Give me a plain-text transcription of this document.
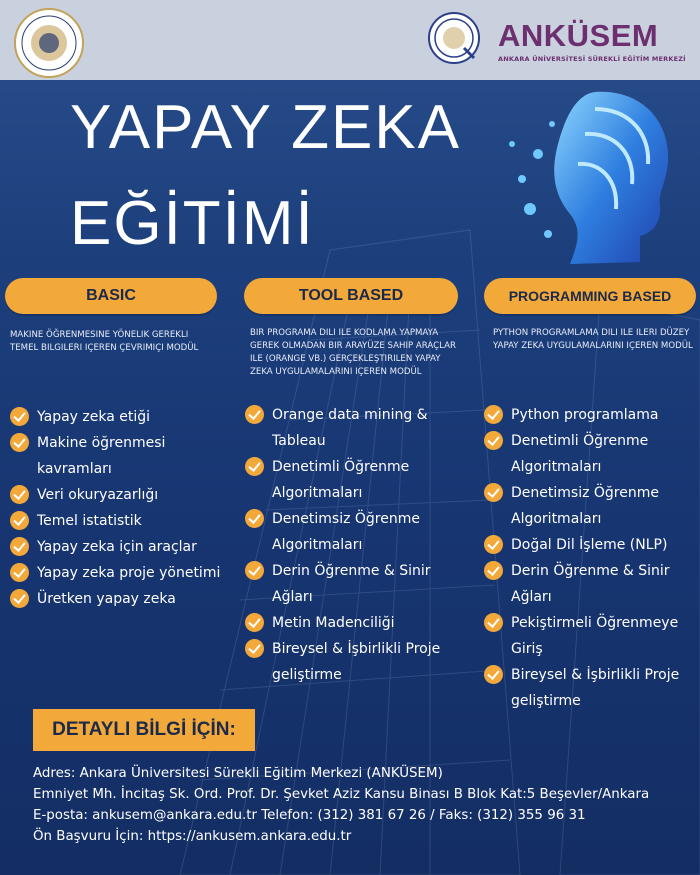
ANKÜSEM
ANKARA ÜNİVERSİTESİ SÜREKLİ EĞİTİM MERKEZİ
YAPAY ZEKA
EĞİTİMİ
BASIC	TOOL BASED	PROGRAMMING BASED
MAKINE ÖĞRENMESINE YÖNELIK GEREKLI TEMEL BILGILERI IÇEREN ÇEVRIMIÇI MODÜL
BIR PROGRAMA DILI ILE KODLAMA YAPMAYA GEREK OLMADAN BIR ARAYÜZE SAHIP ARAÇLAR ILE (ORANGE VB.) GERÇEKLEŞTIRILEN YAPAY ZEKA UYGULAMALARINI IÇEREN MODÜL
PYTHON PROGRAMLAMA DILI ILE ILERI DÜZEY YAPAY ZEKA UYGULAMALARINI IÇEREN MODÜL
Yapay zeka etiği
Makine öğrenmesi kavramları
Veri okuryazarlığı
Temel istatistik
Yapay zeka için araçlar
Yapay zeka proje yönetimi
Üretken yapay zeka
Orange data mining & Tableau
Denetimli Öğrenme Algoritmaları
Denetimsiz Öğrenme Algoritmaları
Derin Öğrenme & Sinir Ağları
Metin Madenciliği
Bireysel & İşbirlikli Proje geliştirme
Python programlama
Denetimli Öğrenme Algoritmaları
Denetimsiz Öğrenme Algoritmaları
Doğal Dil İşleme (NLP)
Derin Öğrenme & Sinir Ağları
Pekiştirmeli Öğrenmeye Giriş
Bireysel & İşbirlikli Proje geliştirme
DETAYLI BİLGİ İÇİN:

Adres: Ankara Üniversitesi Sürekli Eğitim Merkezi (ANKÜSEM)

Emniyet Mh. İncitaş Sk. Ord. Prof. Dr. Şevket Aziz Kansu Binası B Blok Kat:5 Beşevler/Ankara

E-posta: ankusem@ankara.edu.tr Telefon: (312) 381 67 26 / Faks: (312) 355 96 31

Ön Başvuru İçin: https://ankusem.ankara.edu.tr
